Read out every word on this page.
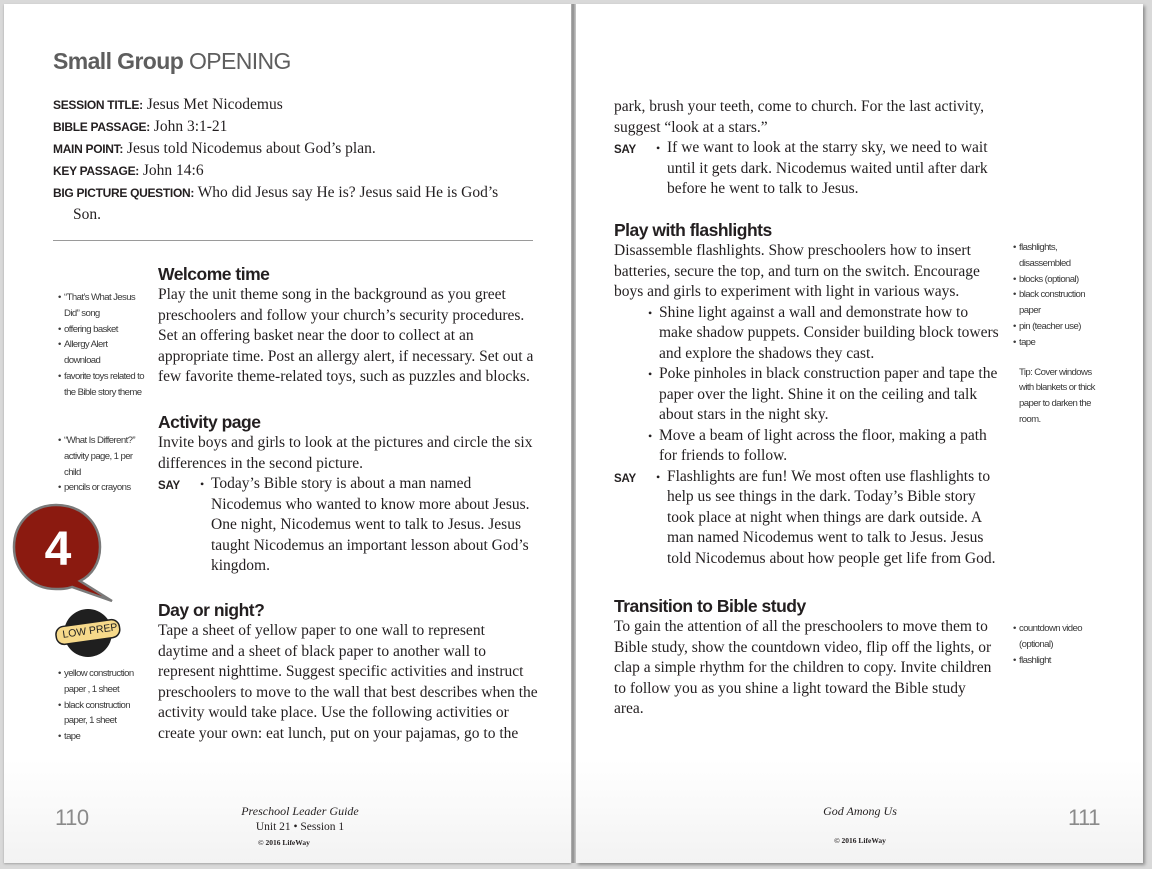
Small Group OPENING
SESSION TITLE: Jesus Met Nicodemus
BIBLE PASSAGE: John 3:1-21
MAIN POINT: Jesus told Nicodemus about God’s plan.
KEY PASSAGE: John 14:6
BIG PICTURE QUESTION: Who did Jesus say He is? Jesus said He is God’s
Son.
• “That’s What Jesus Did” song
• offering basket
• Allergy Alert download
• favorite toys related to the Bible story theme
Welcome time
Play the unit theme song in the background as you greet preschoolers and follow your church’s security procedures. Set an offering basket near the door to collect at an appropriate time. Post an allergy alert, if necessary. Set out a few favorite theme-related toys, such as puzzles and blocks.
• “What Is Different?” activity page, 1 per child
• pencils or crayons
Activity page
Invite boys and girls to look at the pictures and circle the six differences in the second picture.
SAY	• Today’s Bible story is about a man named Nicodemus who wanted to know more about Jesus. One night, Nicodemus went to talk to Jesus. Jesus taught Nicodemus an important lesson about God’s kingdom.
4
LOW PREP
• yellow construction paper , 1 sheet
• black construction paper, 1 sheet
• tape
Day or night?
Tape a sheet of yellow paper to one wall to represent daytime and a sheet of black paper to another wall to represent nighttime. Suggest specific activities and instruct preschoolers to move to the wall that best describes when the activity would take place. Use the following activities or create your own: eat lunch, put on your pajamas, go to the
110	Preschool Leader Guide
Unit 21 • Session 1
© 2016 LifeWay
park, brush your teeth, come to church. For the last activity, suggest “look at a stars.”
SAY	• If we want to look at the starry sky, we need to wait until it gets dark. Nicodemus waited until after dark before he went to talk to Jesus.
Play with flashlights
Disassemble flashlights. Show preschoolers how to insert batteries, secure the top, and turn on the switch. Encourage boys and girls to experiment with light in various ways.
• Shine light against a wall and demonstrate how to make shadow puppets. Consider building block towers and explore the shadows they cast.
• Poke pinholes in black construction paper and tape the paper over the light. Shine it on the ceiling and talk about stars in the night sky.
• Move a beam of light across the floor, making a path for friends to follow.
SAY	• Flashlights are fun! We most often use flashlights to help us see things in the dark. Today’s Bible story took place at night when things are dark outside. A man named Nicodemus went to talk to Jesus. Jesus told Nicodemus about how people get life from God.
• flashlights, disassembled
• blocks (optional)
• black construction paper
• pin (teacher use)
• tape
Tip: Cover windows with blankets or thick paper to darken the room.
Transition to Bible study
To gain the attention of all the preschoolers to move them to Bible study, show the countdown video, flip off the lights, or clap a simple rhythm for the children to copy. Invite children to follow you as you shine a light toward the Bible study area.
• countdown video (optional)
• flashlight
God Among Us
© 2016 LifeWay
111
